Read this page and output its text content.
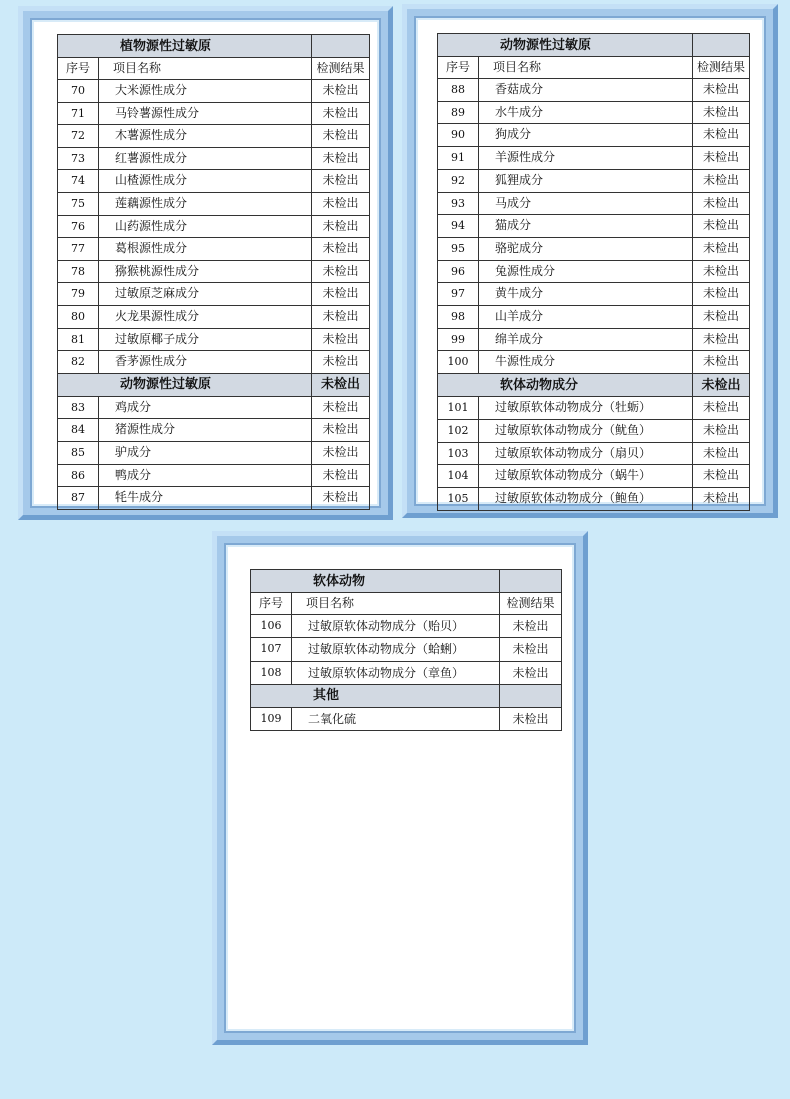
植物源性过敏原		
序号	项目名称	检测结果
70	大米源性成分	未检出
71	马铃薯源性成分	未检出
72	木薯源性成分	未检出
73	红薯源性成分	未检出
74	山楂源性成分	未检出
75	莲藕源性成分	未检出
76	山药源性成分	未检出
77	葛根源性成分	未检出
78	猕猴桃源性成分	未检出
79	过敏原芝麻成分	未检出
80	火龙果源性成分	未检出
81	过敏原椰子成分	未检出
82	香茅源性成分	未检出
动物源性过敏原		未检出
83	鸡成分	未检出
84	猪源性成分	未检出
85	驴成分	未检出
86	鸭成分	未检出
87	牦牛成分	未检出
动物源性过敏原		
序号	项目名称	检测结果
88	香菇成分	未检出
89	水牛成分	未检出
90	狗成分	未检出
91	羊源性成分	未检出
92	狐狸成分	未检出
93	马成分	未检出
94	猫成分	未检出
95	骆驼成分	未检出
96	兔源性成分	未检出
97	黄牛成分	未检出
98	山羊成分	未检出
99	绵羊成分	未检出
100	牛源性成分	未检出
软体动物成分		未检出
101	过敏原软体动物成分（牡蛎）	未检出
102	过敏原软体动物成分（鱿鱼）	未检出
103	过敏原软体动物成分（扇贝）	未检出
104	过敏原软体动物成分（蜗牛）	未检出
105	过敏原软体动物成分（鲍鱼）	未检出
软体动物		
序号	项目名称	检测结果
106	过敏原软体动物成分（贻贝）	未检出
107	过敏原软体动物成分（蛤蜊）	未检出
108	过敏原软体动物成分（章鱼）	未检出
其他		
109	二氧化硫	未检出
